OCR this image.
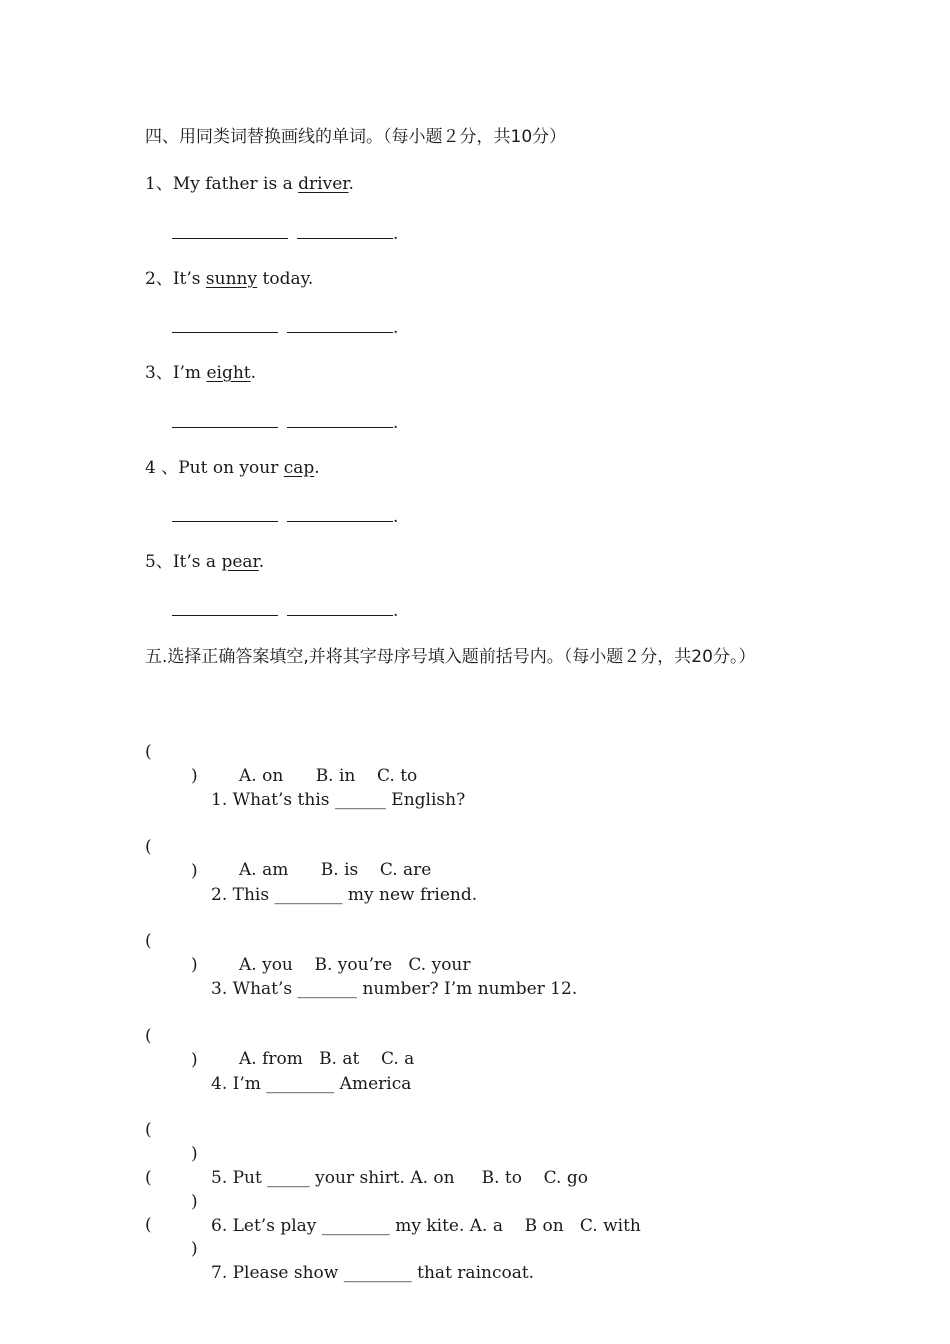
四、用同类词替换画线的单词。（每小题２分，共10分）
1、My father is a driver.
.
2、It’s sunny today.
.
3、I’m eight.
.
4 、Put on your cap.
.
5、It’s a pear.
.
五.选择正确答案填空,并将其字母序号填入题前括号内。（每小题２分，共20分。）

(

)

1. What’s this ______ English?

A. on      B. in    C. to

(

)

2. This ________ my new friend.

A. am      B. is    C. are

(

)

3. What’s _______ number? I’m number 12.

A. you    B. you’re   C. your

(

)

4. I’m ________ America

A. from   B. at    C. a

(

)

5. Put _____ your shirt. A. on     B. to    C. go

(

)

6. Let’s play ________ my kite. A. a    B on   C. with

(

)

7. Please show ________ that raincoat.
